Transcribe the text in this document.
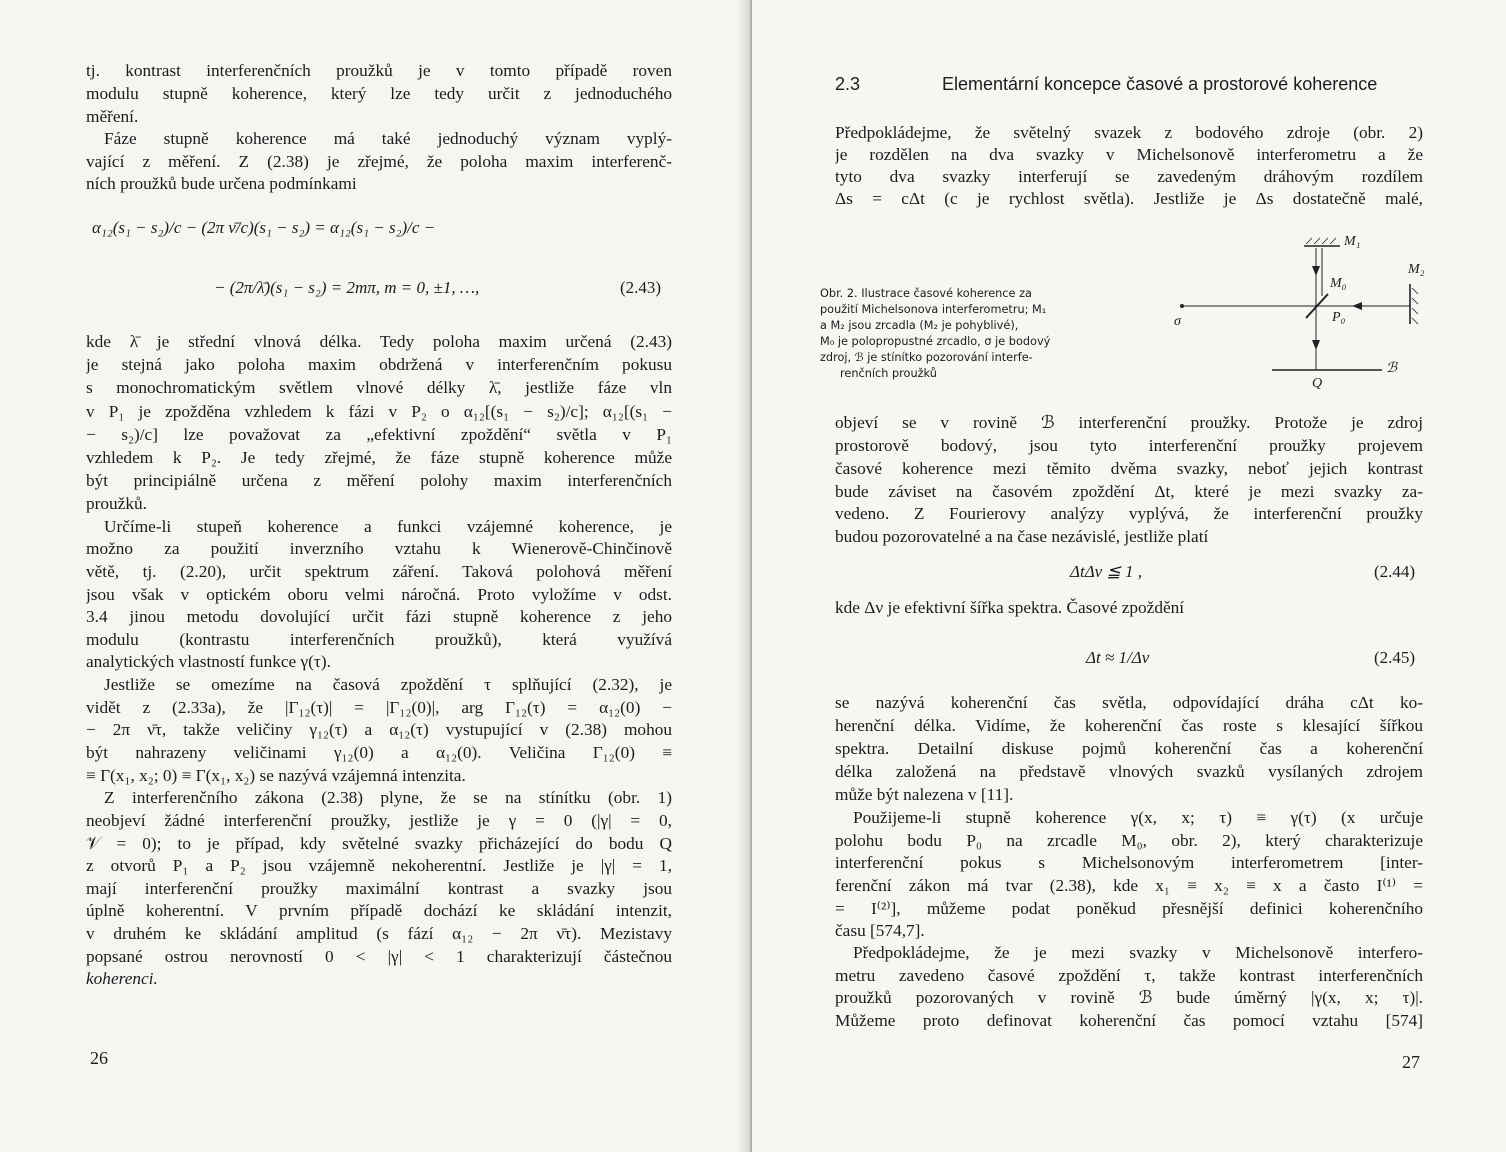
tj. kontrast interferenčních proužků je v tomto případě roven
modulu stupně koherence, který lze tedy určit z jednoduchého
měření.
Fáze stupně koherence má také jednoduchý význam vyplý-
vající z měření. Z (2.38) je zřejmé, že poloha maxim interferenč-
ních proužků bude určena podmínkami
α₁₂(s₁ − s₂)/c − (2π ν̄/c)(s₁ − s₂) = α₁₂(s₁ − s₂)/c −
− (2π/λ̄)(s₁ − s₂) = 2mπ, m = 0, ±1, …,	(2.43)
kde λ̄ je střední vlnová délka. Tedy poloha maxim určená (2.43)
je stejná jako poloha maxim obdržená v interferenčním pokusu
s monochromatickým světlem vlnové délky λ̄, jestliže fáze vln
v P₁ je zpožděna vzhledem k fázi v P₂ o α₁₂[(s₁ − s₂)/c]; α₁₂[(s₁ −
− s₂)/c] lze považovat za „efektivní zpoždění“ světla v P₁
vzhledem k P₂. Je tedy zřejmé, že fáze stupně koherence může
být principiálně určena z měření polohy maxim interferenčních
proužků.
Určíme-li stupeň koherence a funkci vzájemné koherence, je
možno za použití inverzního vztahu k Wienerově-Chinčinově
větě, tj. (2.20), určit spektrum záření. Taková polohová měření
jsou však v optickém oboru velmi náročná. Proto vyložíme v odst.
3.4 jinou metodu dovolující určit fázi stupně koherence z jeho
modulu (kontrastu interferenčních proužků), která využívá
analytických vlastností funkce γ(τ).
Jestliže se omezíme na časová zpoždění τ splňující (2.32), je
vidět z (2.33a), že |Γ₁₂(τ)| = |Γ₁₂(0)|, arg Γ₁₂(τ) = α₁₂(0) −
− 2π ν̄τ, takže veličiny γ₁₂(τ) a α₁₂(τ) vystupující v (2.38) mohou
být nahrazeny veličinami γ₁₂(0) a α₁₂(0). Veličina Γ₁₂(0) ≡
≡ Γ(x₁, x₂; 0) ≡ Γ(x₁, x₂) se nazývá vzájemná intenzita.
Z interferenčního zákona (2.38) plyne, že se na stínítku (obr. 1)
neobjeví žádné interferenční proužky, jestliže je γ = 0 (|γ| = 0,
𝒱 = 0); to je případ, kdy světelné svazky přicházející do bodu Q
z otvorů P₁ a P₂ jsou vzájemně nekoherentní. Jestliže je |γ| = 1,
mají interferenční proužky maximální kontrast a svazky jsou
úplně koherentní. V prvním případě dochází ke skládání intenzit,
v druhém ke skládání amplitud (s fází α₁₂ − 2π ν̄τ). Mezistavy
popsané ostrou nerovností 0 < |γ| < 1 charakterizují částečnou
koherenci.
26
2.3	Elementární koncepce časové a prostorové koherence
Předpokládejme, že světelný svazek z bodového zdroje (obr. 2)
je rozdělen na dva svazky v Michelsonově interferometru a že
tyto dva svazky interferují se zavedeným dráhovým rozdílem
Δs = cΔt (c je rychlost světla). Jestliže je Δs dostatečně malé,
Obr. 2. Ilustrace časové koherence za
použití Michelsonova interferometru; M₁
a M₂ jsou zrcadla (M₂ je pohyblivé),
M₀ je polopropustné zrcadlo, σ je bodový
zdroj, ℬ je stínítko pozorování interfe-
renčních proužků
M₁
M₂
M₀
P₀
σ
ℬ
Q
objeví se v rovině ℬ interferenční proužky. Protože je zdroj
prostorově bodový, jsou tyto interferenční proužky projevem
časové koherence mezi těmito dvěma svazky, neboť jejich kontrast
bude záviset na časovém zpoždění Δt, které je mezi svazky za-
vedeno. Z Fourierovy analýzy vyplývá, že interferenční proužky
budou pozorovatelné a na čase nezávislé, jestliže platí
ΔtΔν ≦ 1 ,	(2.44)
kde Δν je efektivní šířka spektra. Časové zpoždění
Δt ≈ 1/Δν	(2.45)
se nazývá koherenční čas světla, odpovídající dráha cΔt ko-
herenční délka. Vidíme, že koherenční čas roste s klesající šířkou
spektra. Detailní diskuse pojmů koherenční čas a koherenční
délka založená na představě vlnových svazků vysílaných zdrojem
může být nalezena v [11].
Použijeme-li stupně koherence γ(x, x; τ) ≡ γ(τ) (x určuje
polohu bodu P₀ na zrcadle M₀, obr. 2), který charakterizuje
interferenční pokus s Michelsonovým interferometrem [inter-
ferenční zákon má tvar (2.38), kde x₁ ≡ x₂ ≡ x a často I⁽¹⁾ =
= I⁽²⁾], můžeme podat poněkud přesnější definici koherenčního
času [574,7].
Předpokládejme, že je mezi svazky v Michelsonově interfero-
metru zavedeno časové zpoždění τ, takže kontrast interferenčních
proužků pozorovaných v rovině ℬ bude úměrný |γ(x, x; τ)|.
Můžeme proto definovat koherenční čas pomocí vztahu [574]
27
